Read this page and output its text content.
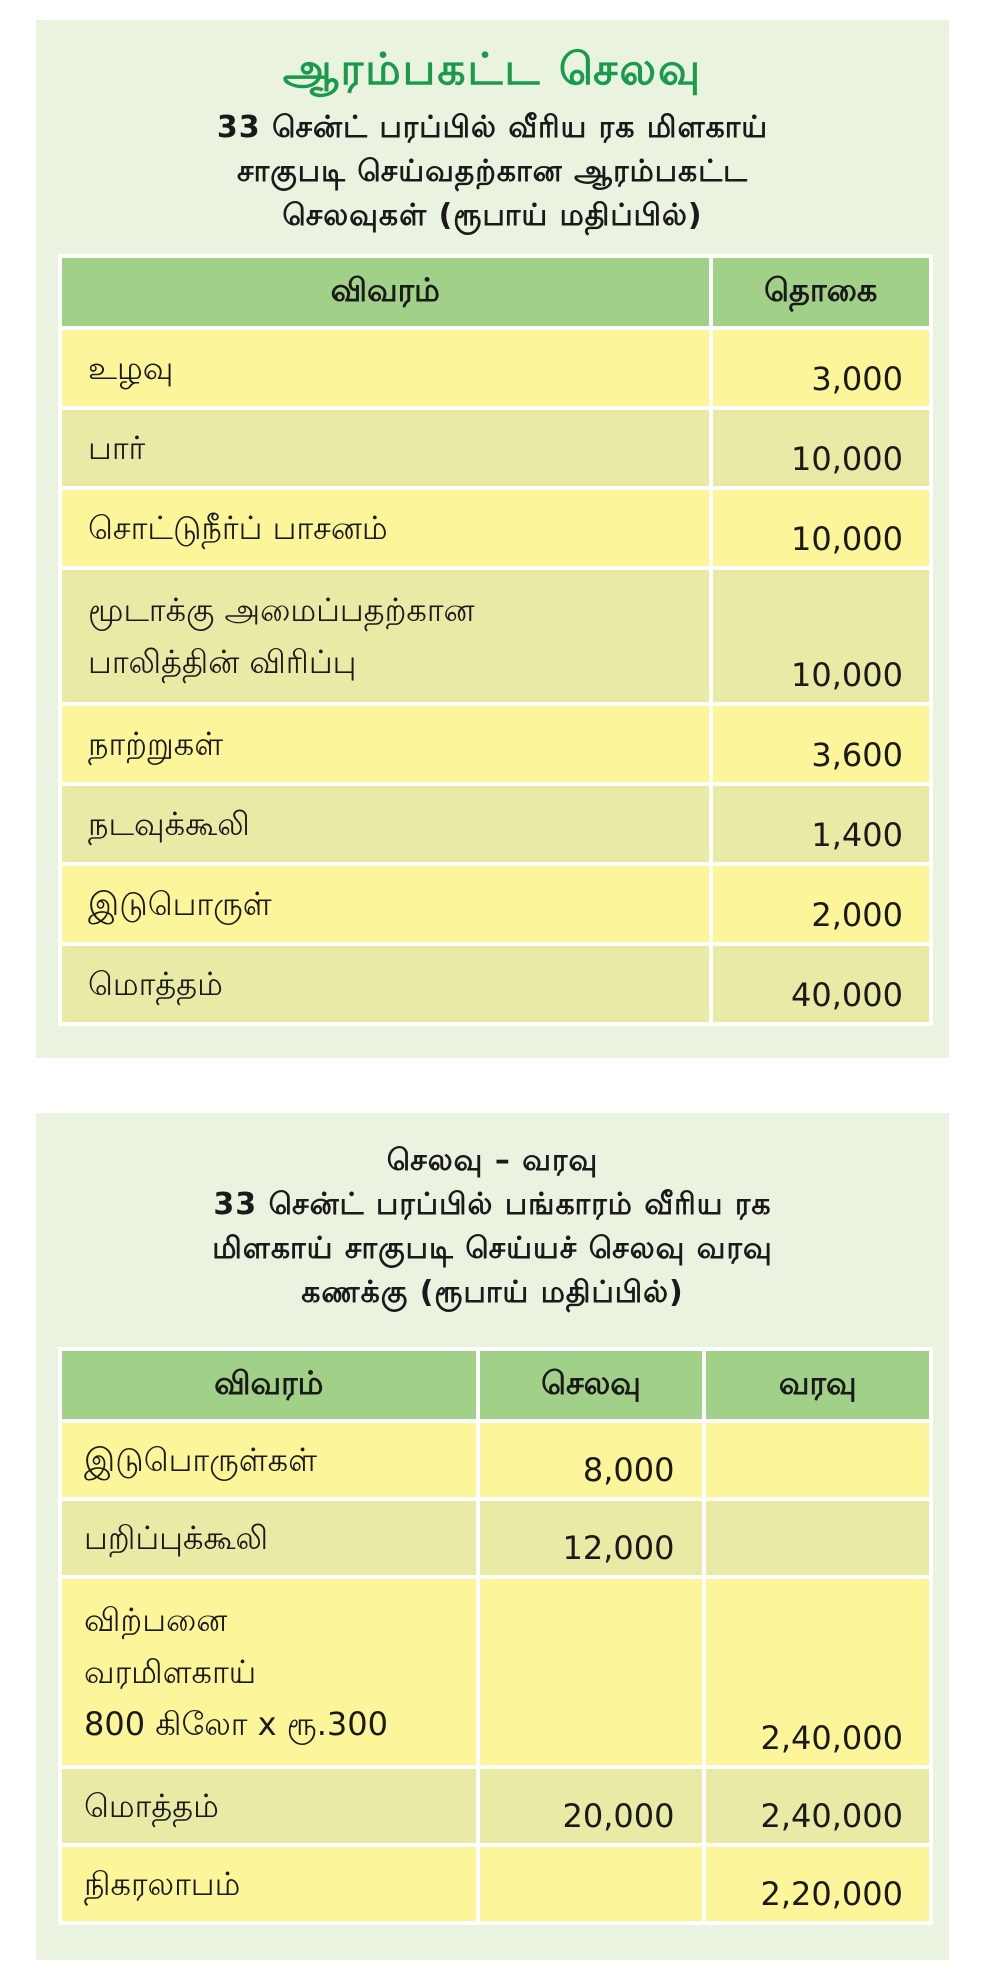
ஆரம்பகட்ட செலவு
33 சென்ட் பரப்பில் வீரிய ரக மிளகாய்
சாகுபடி செய்வதற்கான ஆரம்பகட்ட
செலவுகள் (ரூபாய் மதிப்பில்)
விவரம்	தொகை
உழவு	3,000
பார்	10,000
சொட்டுநீர்ப் பாசனம்	10,000

மூடாக்கு அமைப்பதற்கான
பாலித்தின் விரிப்பு	10,000
நாற்றுகள்	3,600
நடவுக்கூலி	1,400
இடுபொருள்	2,000
மொத்தம்	40,000
செலவு – வரவு
33 சென்ட் பரப்பில் பங்காரம் வீரிய ரக
மிளகாய் சாகுபடி செய்யச் செலவு வரவு
கணக்கு (ரூபாய் மதிப்பில்)
விவரம்	செலவு	வரவு
இடுபொருள்கள்	8,000	
பறிப்புக்கூலி	12,000	

விற்பனை
வரமிளகாய்
800 கிலோ x ரூ.300		2,40,000
மொத்தம்	20,000	2,40,000
நிகரலாபம்		2,20,000
